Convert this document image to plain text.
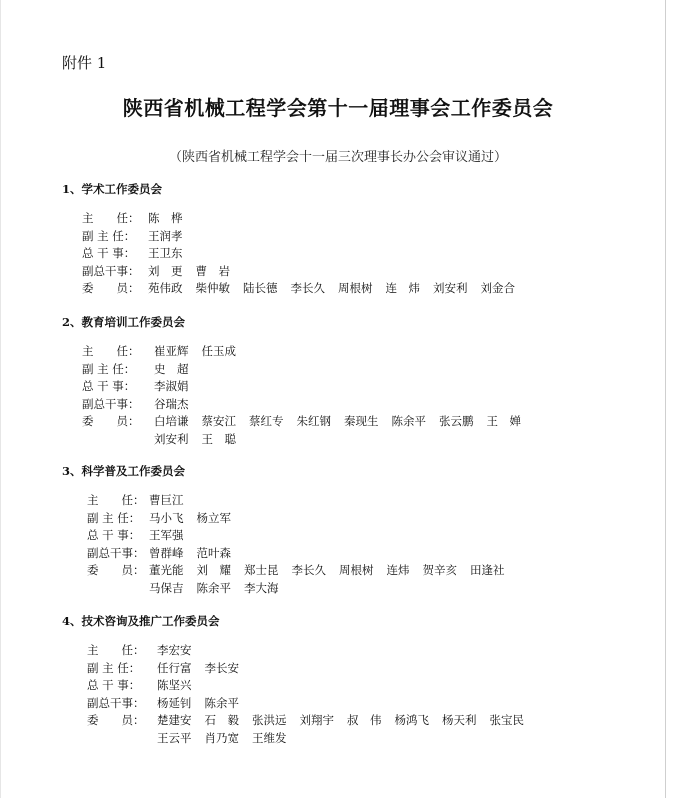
附件 1
陕西省机械工程学会第十一届理事会工作委员会
（陕西省机械工程学会十一届三次理事长办公会审议通过）
1、学术工作委员会
主　　任： 陈　桦
副 主 任：	王润孝
总 干 事：	王卫东
副总干事： 刘　更 曹　岩
委　　员： 苑伟政 柴仲敏 陆长德 李长久 周根树 连　炜 刘安利 刘金合
2、教育培训工作委员会
主　　任：	崔亚辉 任玉成
副 主 任：	史　超
总 干 事：	李淑娟
副总干事：	谷瑞杰
委　　员：	白培谦 蔡安江 蔡红专 朱红钢 秦现生 陈余平 张云鹏 王　婵
刘安利 王　聪
3、科学普及工作委员会
主　　任： 曹巨江
副 主 任： 马小飞 杨立军
总 干 事： 王军强
副总干事： 曾群峰 范叶森
委　　员： 董光能 刘　耀 郑士昆 李长久 周根树 连炜 贺辛亥 田逢社
马保吉 陈余平 李大海
4、技术咨询及推广工作委员会
主　　任：	李宏安
副 主 任：	任行富 李长安
总 干 事：	陈坚兴
副总干事：	杨延钊 陈余平
委　　员：	楚建安 石　毅 张洪远 刘翔宇 叔　伟 杨鸿飞 杨天利 张宝民
王云平 肖乃宽 王维发
